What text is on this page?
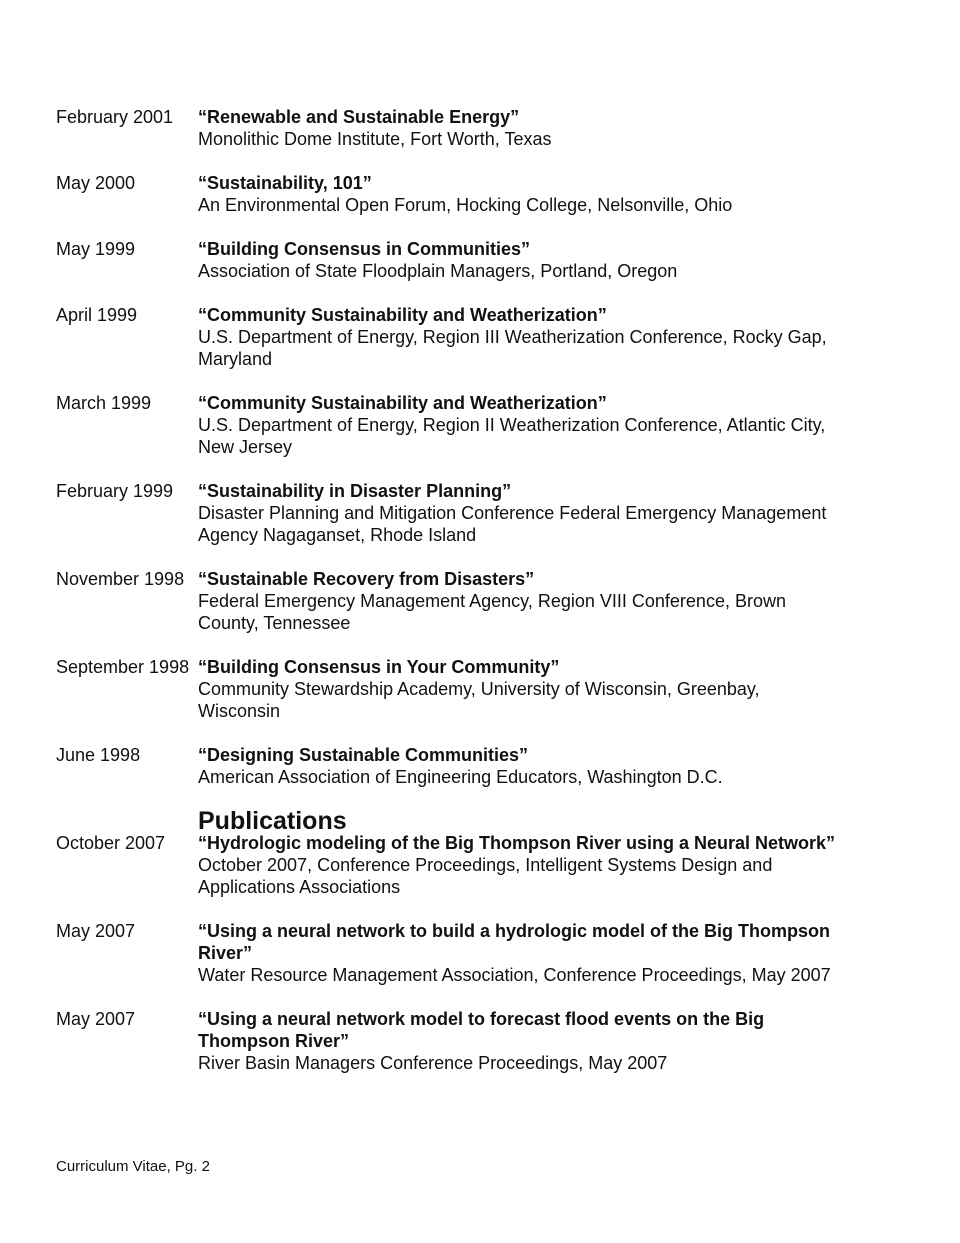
February 2001	“Renewable and Sustainable Energy”
Monolithic Dome Institute, Fort Worth, Texas
May 2000	“Sustainability, 101”
An Environmental Open Forum, Hocking College, Nelsonville, Ohio
May 1999	“Building Consensus in Communities”
Association of State Floodplain Managers, Portland, Oregon
April 1999	“Community Sustainability and Weatherization”
U.S. Department of Energy, Region III Weatherization Conference, Rocky Gap, Maryland
March 1999	“Community Sustainability and Weatherization”
U.S. Department of Energy, Region II Weatherization Conference, Atlantic City, New Jersey
February 1999	“Sustainability in Disaster Planning”
Disaster Planning and Mitigation Conference Federal Emergency Management Agency Nagaganset, Rhode Island
November 1998 “Sustainable Recovery from Disasters”
Federal Emergency Management Agency, Region VIII Conference, Brown County, Tennessee
September 1998 “Building Consensus in Your Community”
Community Stewardship Academy, University of Wisconsin, Greenbay, Wisconsin
June 1998	“Designing Sustainable Communities”
American Association of Engineering Educators, Washington D.C.
Publications
October 2007	“Hydrologic modeling of the Big Thompson River using a Neural Network”
October 2007, Conference Proceedings, Intelligent Systems Design and Applications Associations
May 2007	“Using a neural network to build a hydrologic model of the Big Thompson River”
Water Resource Management Association, Conference Proceedings, May 2007
May 2007	“Using a neural network model to forecast flood events on the Big Thompson River”
River Basin Managers Conference Proceedings, May 2007
Curriculum Vitae, Pg. 2
